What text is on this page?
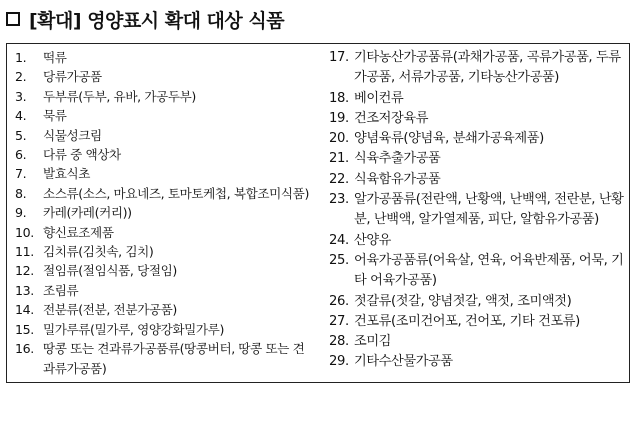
[확대] 영양표시 확대 대상 식품
1.	떡류
2.	당류가공품
3.	두부류(두부, 유바, 가공두부)
4.	묵류
5.	식물성크림
6.	다류 중 액상차
7.	발효식초
8.	소스류(소스, 마요네즈, 토마토케첩, 복합조미식품)
9.	카레(카레(커리))
10. 향신료조제품
11. 김치류(김칫속, 김치)
12. 절임류(절임식품, 당절임)
13. 조림류
14. 전분류(전분, 전분가공품)
15. 밀가루류(밀가루, 영양강화밀가루)
16. 땅콩 또는 견과류가공품류(땅콩버터, 땅콩 또는 견과류가공품)
17. 기타농산가공품류(과채가공품, 곡류가공품, 두류가공품, 서류가공품, 기타농산가공품)
18. 베이컨류
19. 건조저장육류
20. 양념육류(양념육, 분쇄가공육제품)
21. 식육추출가공품
22. 식육함유가공품
23. 알가공품류(전란액, 난황액, 난백액, 전란분, 난황분, 난백액, 알가열제품, 피단, 알함유가공품)
24. 산양유
25. 어육가공품류(어육살, 연육, 어육반제품, 어묵, 기타 어육가공품)
26. 젓갈류(젓갈, 양념젓갈, 액젓, 조미액젓)
27. 건포류(조미건어포, 건어포, 기타 건포류)
28. 조미김
29. 기타수산물가공품
